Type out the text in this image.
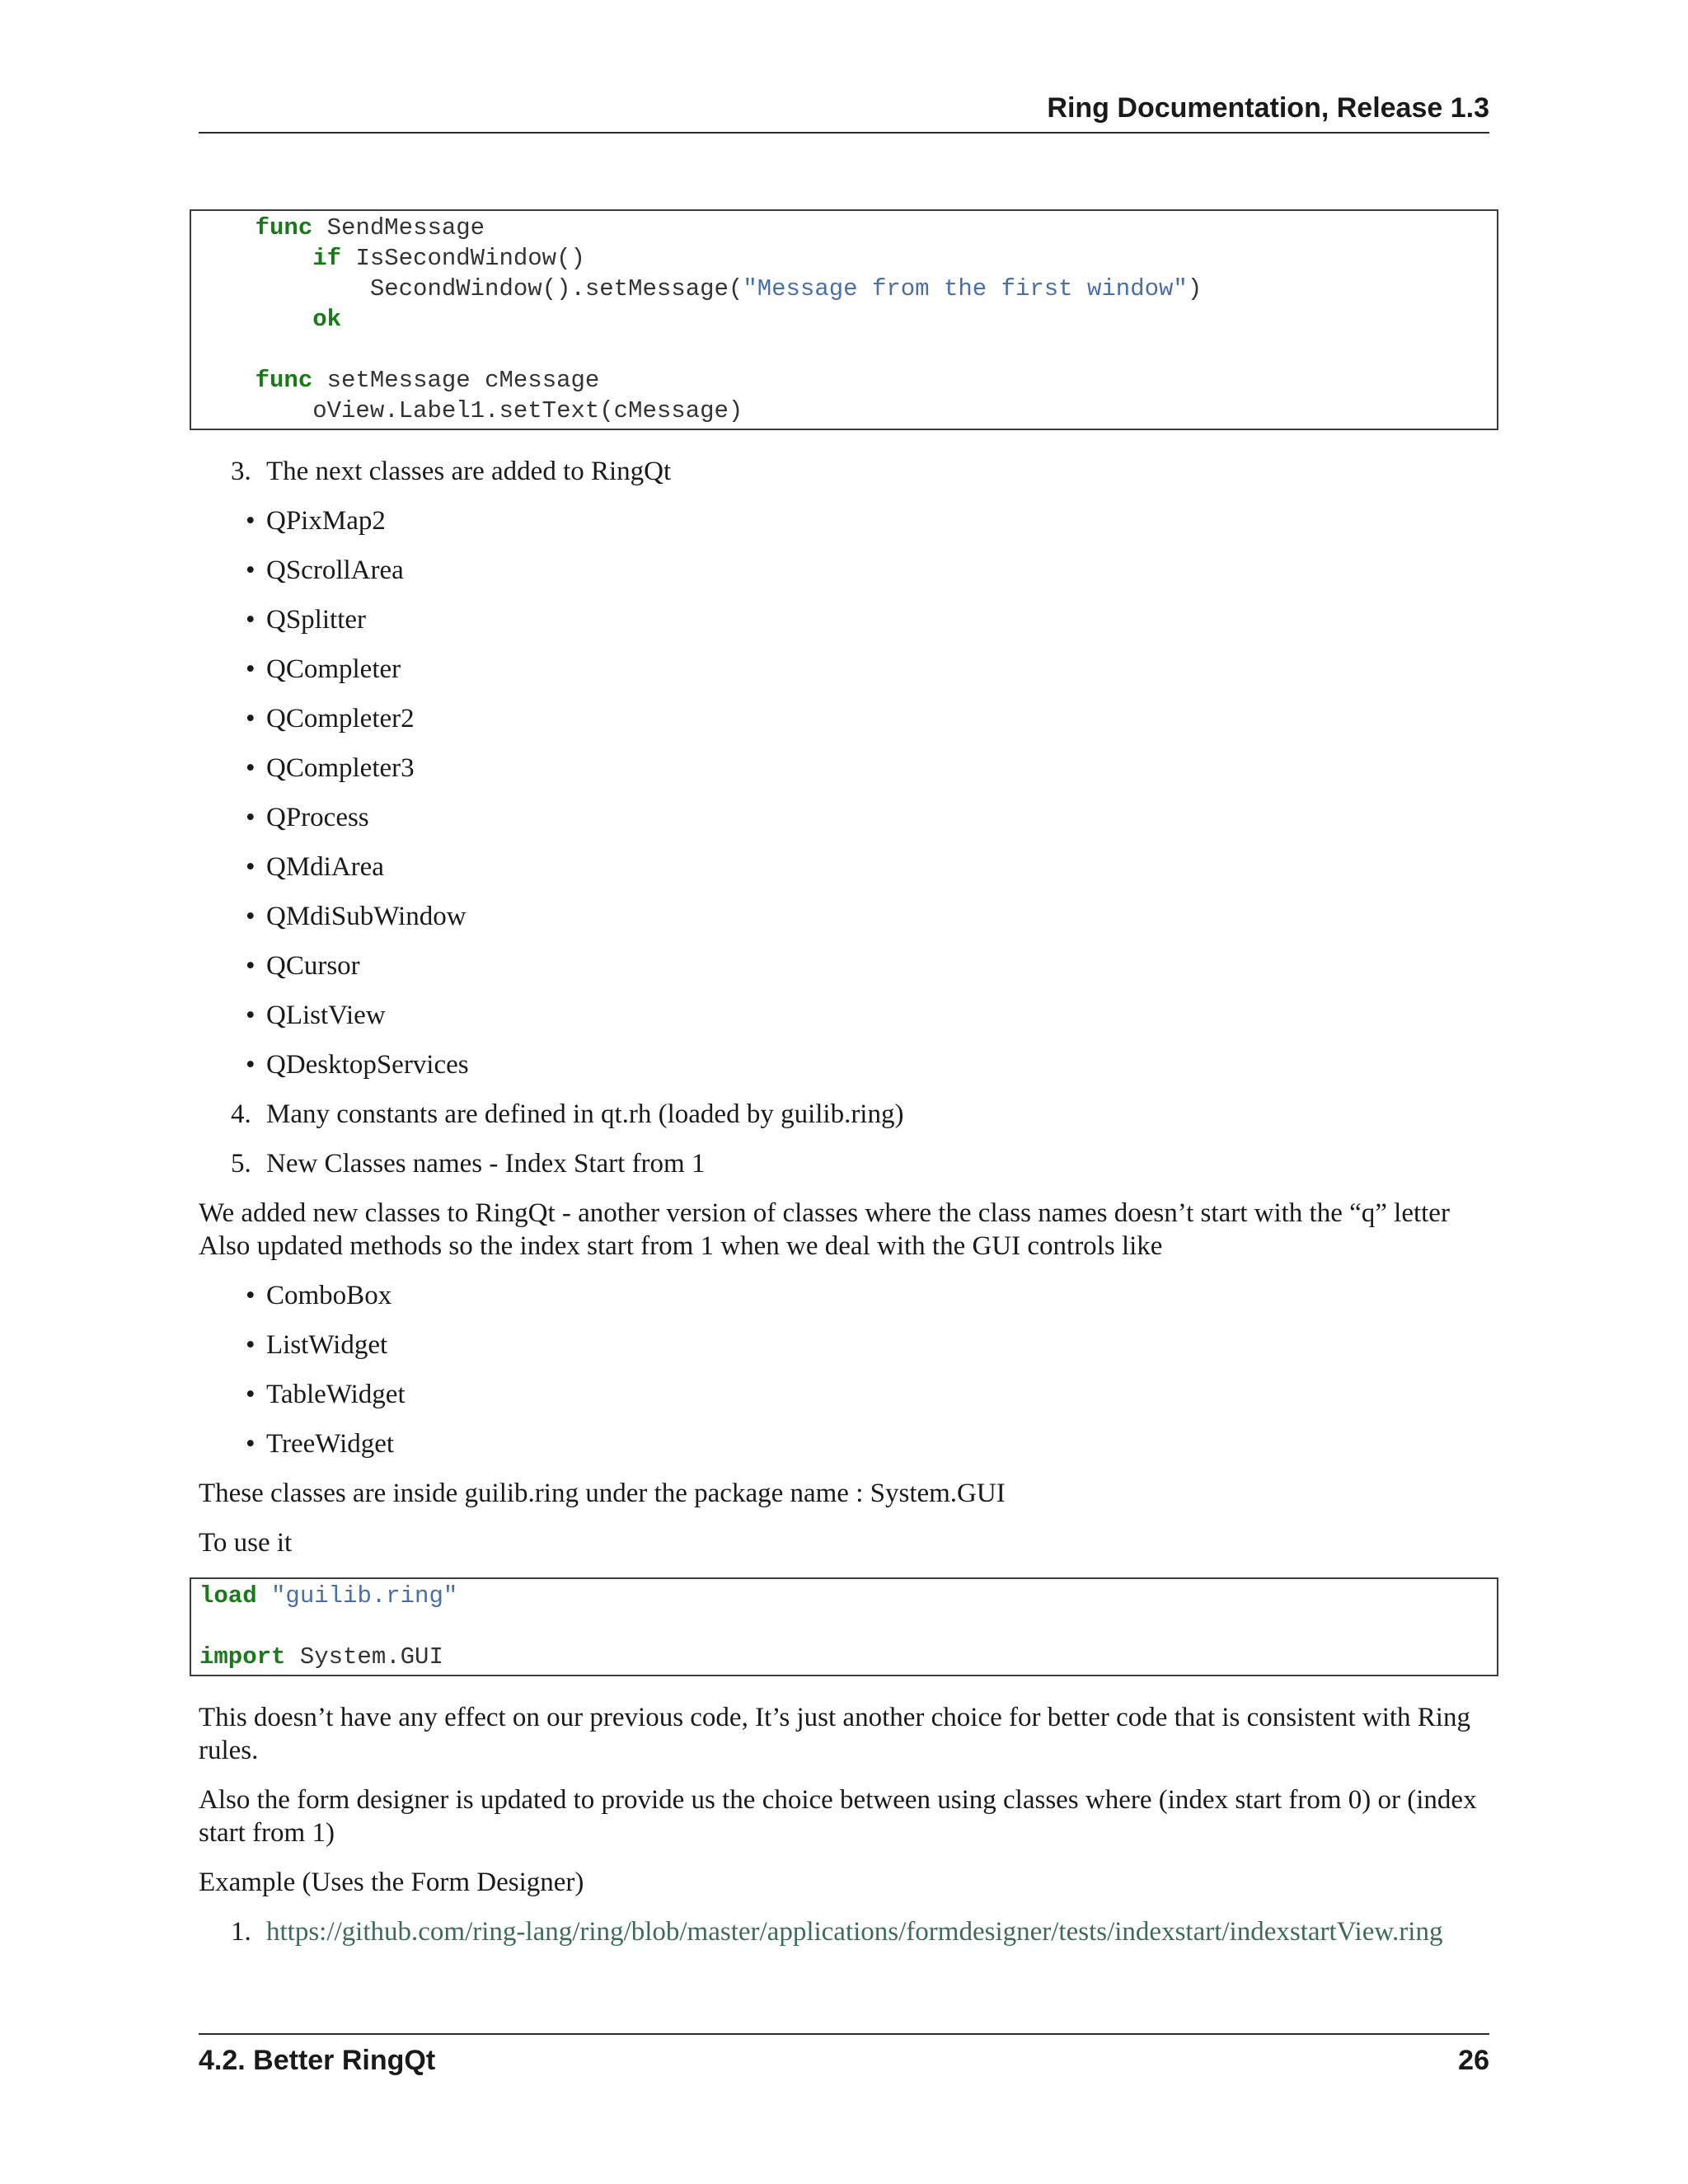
Ring Documentation, Release 1.3
func SendMessage
if IsSecondWindow()
SecondWindow().setMessage("Message from the first window")
ok

func setMessage cMessage
oView.Label1.setText(cMessage)
3. The next classes are added to RingQt
• QPixMap2
• QScrollArea
• QSplitter
• QCompleter
• QCompleter2
• QCompleter3
• QProcess
• QMdiArea
• QMdiSubWindow
• QCursor
• QListView
• QDesktopServices
4. Many constants are defined in qt.rh (loaded by guilib.ring)
5. New Classes names - Index Start from 1
We added new classes to RingQt - another version of classes where the class names doesn’t start with the “q” letter
Also updated methods so the index start from 1 when we deal with the GUI controls like
• ComboBox
• ListWidget
• TableWidget
• TreeWidget
These classes are inside guilib.ring under the package name : System.GUI
To use it
load "guilib.ring"

import System.GUI
This doesn’t have any effect on our previous code, It’s just another choice for better code that is consistent with Ring rules.
Also the form designer is updated to provide us the choice between using classes where (index start from 0) or (index start from 1)
Example (Uses the Form Designer)
1. https://github.com/ring-lang/ring/blob/master/applications/formdesigner/tests/indexstart/indexstartView.ring
4.2. Better RingQt	26
